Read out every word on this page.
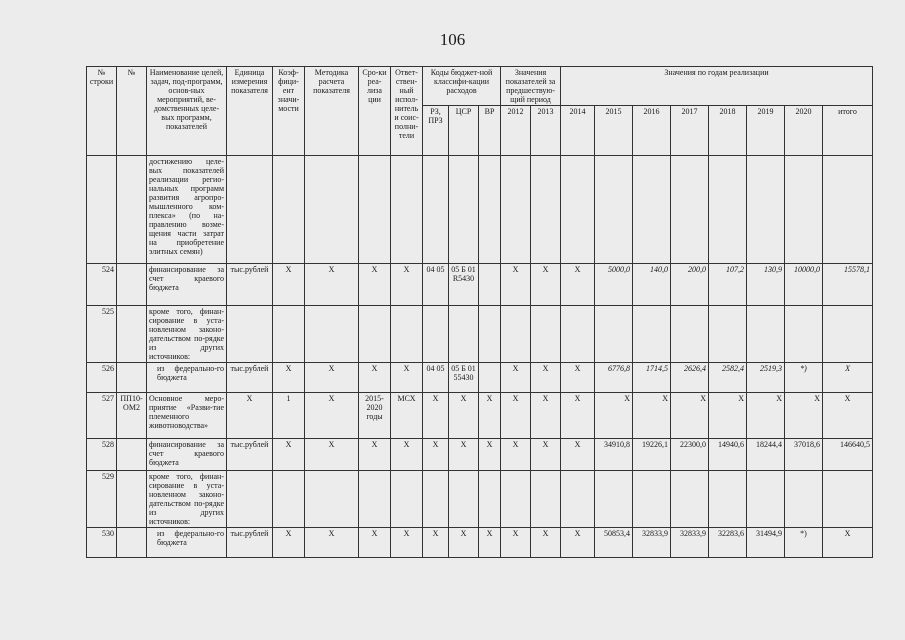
106
№ строки	№	Наименование целей, задач, под-программ, основ-ных мероприятий, ве-домственных целе-вых программ, показателей	Единица измерения показателя	Коэф-фици-ент значи-мости	Методика расчета показателя	Сро-ки реа-лиза ции	Ответ-ствен-ный испол-нитель и соис-полни-тели	Коды бюджет-ной классифи-кации расходов			Значения показателей за предшествую-щий период		Значения по годам реализации							
								РЗ, ПРЗ	ЦСР	ВР	2012	2013	2014	2015	2016	2017	2018	2019	2020	итого
		достижению целе-вых показателей реализации регио-нальных программ развития агропро-мышленного ком-плекса» (по на-правлению возме-щения части затрат на приобретение элитных семян)																		
524		финансирование за счет краевого бюджета	тыс.рублей	X	X	X	X	04 05	05 Б 01 R5430		X	X	X	5000,0	140,0	200,0	107,2	130,9	10000,0	15578,1
525		кроме того, финан-сирование в уста-новленном законо-дательством по-рядке из других источников:																		
526		из федерально-го бюджета	тыс.рублей	X	X	X	X	04 05	05 Б 01 55430		X	X	X	6776,8	1714,5	2626,4	2582,4	2519,3	*)	X
527	ПП10-ОМ2	Основное меро-приятие «Разви-тие племенного животноводства»	X	1	X	2015-2020 годы	МСХ	X	X	X	X	X	X	X	X	X	X	X	X	X
528		финансирование за счет краевого бюджета	тыс.рублей	X	X	X	X	X	X	X	X	X	X	34910,8	19226,1	22300,0	14940,6	18244,4	37018,6	146640,5
529		кроме того, финан-сирование в уста-новленном законо-дательством по-рядке из других источников:																		
530		из федерально-го бюджета	тыс.рублей	X	X	X	X	X	X	X	X	X	X	50853,4	32833,9	32833,9	32283,6	31494,9	*)	X
